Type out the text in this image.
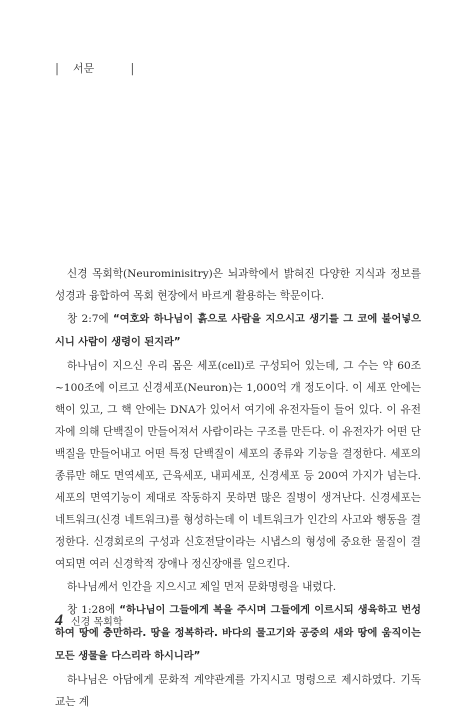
| 서문	|

신경 목회학(Neurominisitry)은 뇌과학에서 밝혀진 다양한 지식과 정보를 성경과 융합하여 목회 현장에서 바르게 활용하는 학문이다.

창 2:7에 “여호와 하나님이 흙으로 사람을 지으시고 생기를 그 코에 불어넣으시니 사람이 생령이 된지라”

하나님이 지으신 우리 몸은 세포(cell)로 구성되어 있는데, 그 수는 약 60조~100조에 이르고 신경세포(Neuron)는 1,000억 개 정도이다. 이 세포 안에는 핵이 있고, 그 핵 안에는 DNA가 있어서 여기에 유전자들이 들어 있다. 이 유전자에 의해 단백질이 만들어져서 사람이라는 구조를 만든다. 이 유전자가 어떤 단백질을 만들어내고 어떤 특정 단백질이 세포의 종류와 기능을 결정한다. 세포의 종류만 해도 면역세포, 근육세포, 내피세포, 신경세포 등 200여 가지가 넘는다. 세포의 면역기능이 제대로 작동하지 못하면 많은 질병이 생겨난다. 신경세포는 네트워크(신경 네트워크)를 형성하는데 이 네트워크가 인간의 사고와 행동을 결정한다. 신경회로의 구성과 신호전달이라는 시냅스의 형성에 중요한 물질이 결여되면 여러 신경학적 장애나 정신장애를 일으킨다.

하나님께서 인간을 지으시고 제일 먼저 문화명령을 내렸다.

창 1:28에 “하나님이 그들에게 복을 주시며 그들에게 이르시되 생육하고 번성하여 땅에 충만하라. 땅을 정복하라. 바다의 물고기와 공중의 새와 땅에 움직이는 모든 생물을 다스리라 하시니라”

하나님은 아담에게 문화적 계약관계를 가지시고 명령으로 제시하였다. 기독교는 계

4 신경 목회학
